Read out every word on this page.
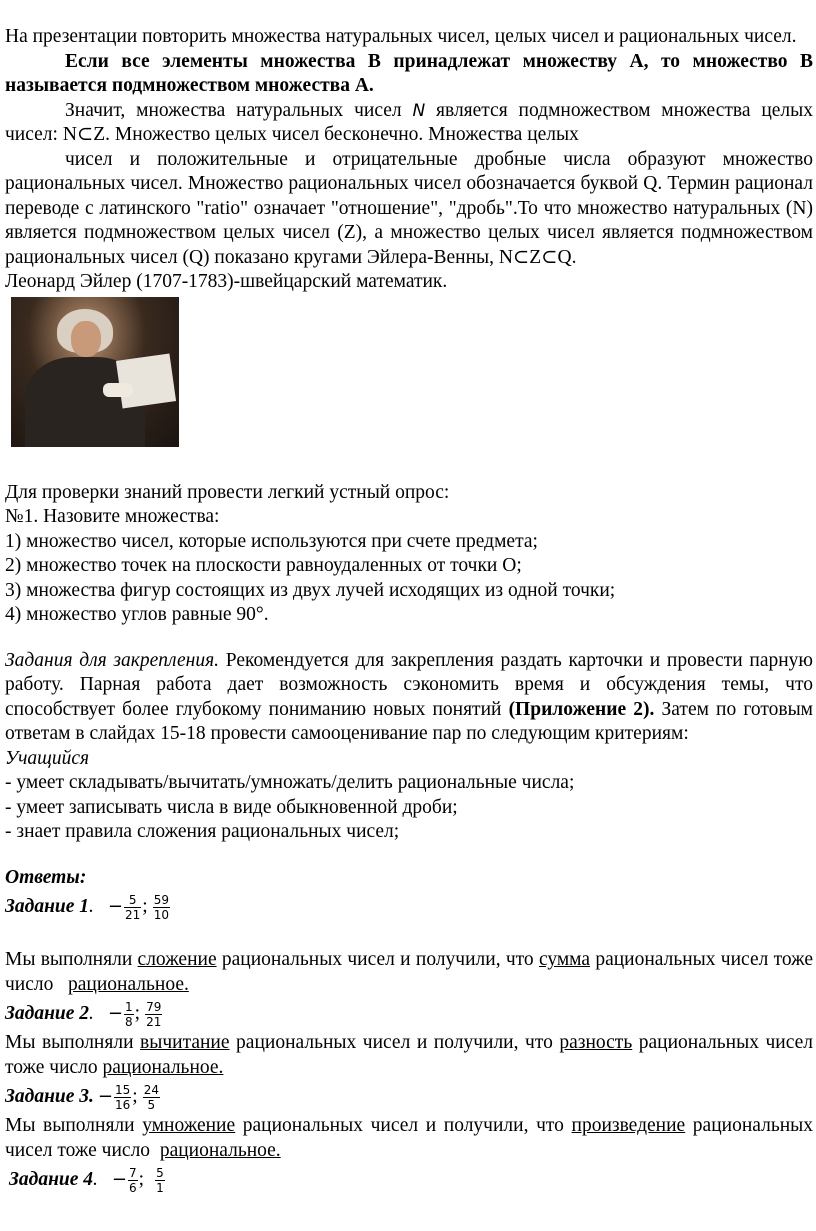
На презентации повторить множества натуральных чисел, целых чисел и рациональных чисел.

Если все элементы множества B принадлежат множеству A, то множество B называется подмножеством множества A.

Значит, множества натуральных чисел N является подмножеством множества целых чисел: N⊂Z. Множество целых чисел бесконечно. Множества целых

чисел и положительные и отрицательные дробные числа образуют множество рациональных чисел. Множество рациональных чисел обозначается буквой Q. Термин рационал переводе с латинского "ratio" означает "отношение", "дробь".То что множество натуральных (N) является подмножеством целых чисел (Z), а множество целых чисел является подмножеством рациональных чисел (Q) показано кругами Эйлера-Венны, N⊂Z⊂Q.

Леонард Эйлер (1707-1783)-швейцарский математик.

Для проверки знаний провести легкий устный опрос:

№1. Назовите множества:

1) множество чисел, которые используются при счете предмета;

2) множество точек на плоскости равноудаленных от точки О;

3) множества фигур состоящих из двух лучей исходящих из одной точки;

4) множество углов равные 90°.

Задания для закрепления. Рекомендуется для закрепления раздать карточки и провести парную работу. Парная работа дает возможность сэкономить время и обсуждения темы, что способствует более глубокому пониманию новых понятий (Приложение 2). Затем по готовым ответам в слайдах 15-18 провести самооценивание пар по следующим критериям:

Учащийся

- умеет складывать/вычитать/умножать/делить рациональные числа;

- умеет записывать числа в виде обыкновенной дроби;

- знает правила сложения рациональных чисел;

Ответы:

Задание 1 . − $\frac{5}{21}$ ; $\frac{59}{10}$

Мы выполняли сложение рациональных чисел и получили, что сумма рациональных чисел тоже число   рациональное.

Задание 2 . − $\frac{1}{8}$ ; $\frac{79}{21}$

Мы выполняли вычитание рациональных чисел и получили, что разность рациональных чисел тоже число рациональное.

Задание 3. − $\frac{15}{16}$ ; $\frac{24}{5}$

Мы выполняли умножение рациональных чисел и получили, что произведение рациональных чисел тоже число  рациональное.

Задание 4 . − $\frac{7}{6}$ ; $\frac{5}{1}$
